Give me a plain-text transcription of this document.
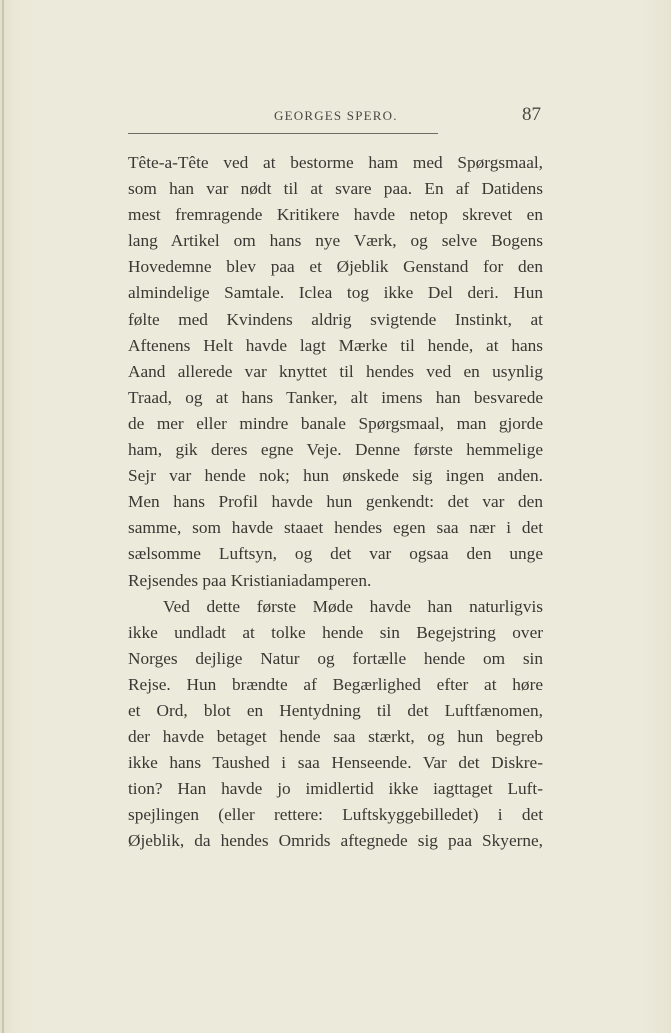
GEORGES SPERO.	87
Tête-a-Tête ved at bestorme ham med Spørgsmaal,
som han var nødt til at svare paa. En af Datidens
mest fremragende Kritikere havde netop skrevet en
lang Artikel om hans nye Værk, og selve Bogens
Hovedemne blev paa et Øjeblik Genstand for den
almindelige Samtale. Iclea tog ikke Del deri. Hun
følte med Kvindens aldrig svigtende Instinkt, at
Aftenens Helt havde lagt Mærke til hende, at hans
Aand allerede var knyttet til hendes ved en usynlig
Traad, og at hans Tanker, alt imens han besvarede
de mer eller mindre banale Spørgsmaal, man gjorde
ham, gik deres egne Veje. Denne første hemmelige
Sejr var hende nok; hun ønskede sig ingen anden.
Men hans Profil havde hun genkendt: det var den
samme, som havde staaet hendes egen saa nær i det
sælsomme Luftsyn, og det var ogsaa den unge
Rejsendes paa Kristianiadamperen.
Ved dette første Møde havde han naturligvis
ikke undladt at tolke hende sin Begejstring over
Norges dejlige Natur og fortælle hende om sin
Rejse. Hun brændte af Begærlighed efter at høre
et Ord, blot en Hentydning til det Luftfænomen,
der havde betaget hende saa stærkt, og hun begreb
ikke hans Taushed i saa Henseende. Var det Diskre-
tion? Han havde jo imidlertid ikke iagttaget Luft-
spejlingen (eller rettere: Luftskyggebilledet) i det
Øjeblik, da hendes Omrids aftegnede sig paa Skyerne,
